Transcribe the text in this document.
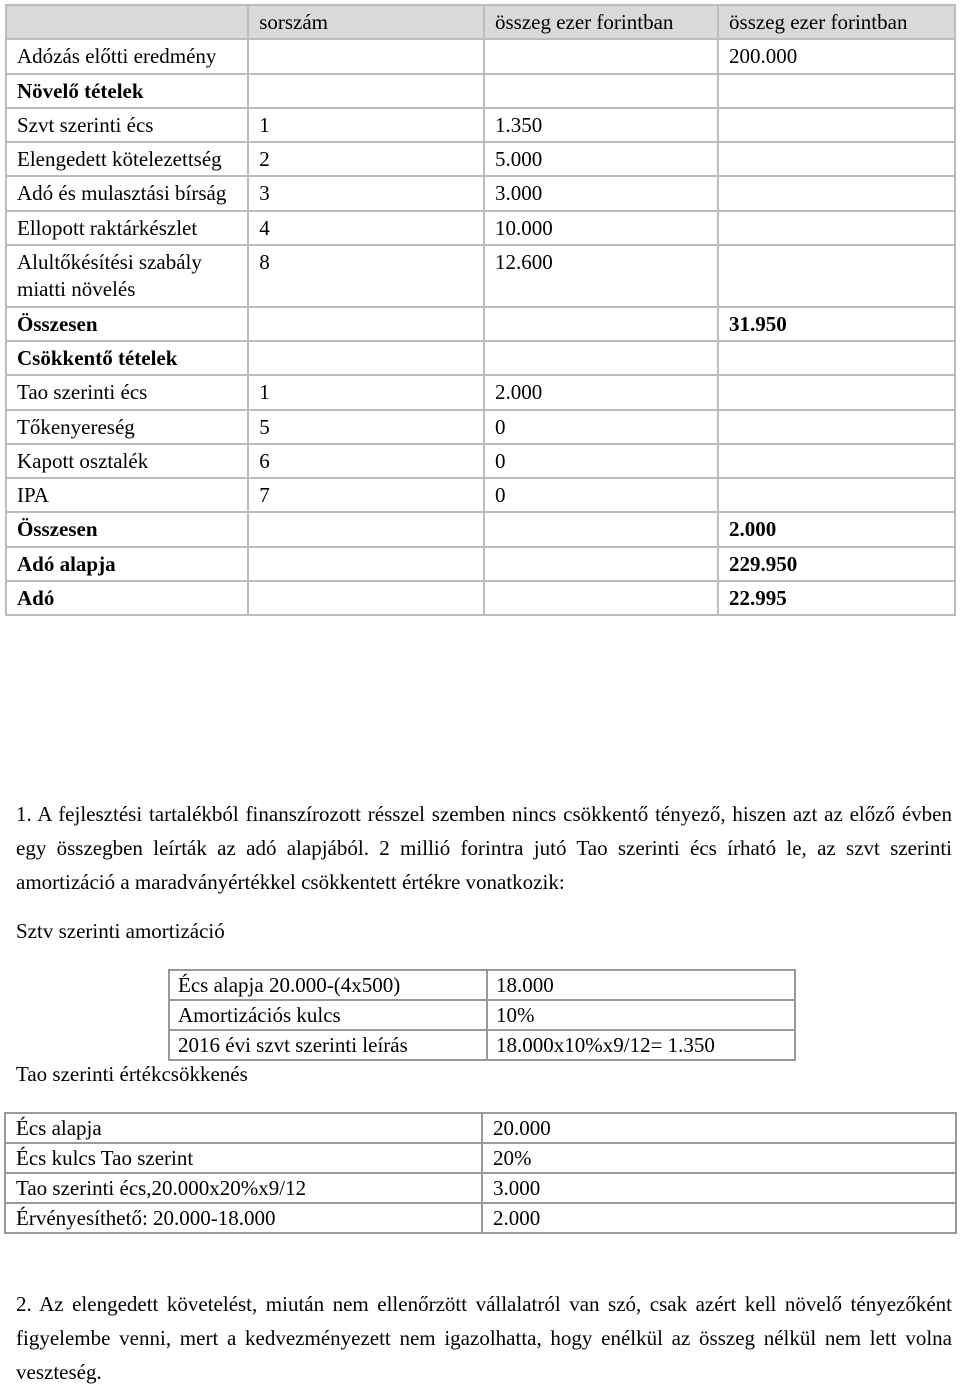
	sorszám	összeg ezer forintban	összeg ezer forintban
Adózás előtti eredmény			200.000
Növelő tételek			
Szvt szerinti écs	1	1.350	
Elengedett kötelezettség	2	5.000	
Adó és mulasztási bírság	3	3.000	
Ellopott raktárkészlet	4	10.000	
Alultőkésítési szabály miatti növelés	8	12.600	
Összesen			31.950
Csökkentő tételek			
Tao szerinti écs	1	2.000	
Tőkenyereség	5	0	
Kapott osztalék	6	0	
IPA	7	0	
Összesen			2.000
Adó alapja			229.950
Adó			22.995
1. A fejlesztési tartalékból finanszírozott résszel szemben nincs csökkentő tényező, hiszen azt az előző évben egy összegben leírták az adó alapjából. 2 millió forintra jutó Tao szerinti écs írható le, az szvt szerinti amortizáció a maradványértékkel csökkentett értékre vonatkozik:
Sztv szerinti amortizáció
Écs alapja 20.000-(4x500)	18.000
Amortizációs kulcs	10%
2016 évi szvt szerinti leírás	18.000x10%x9/12= 1.350
Tao szerinti értékcsökkenés
Écs alapja	20.000
Écs kulcs Tao szerint	20%
Tao szerinti écs,20.000x20%x9/12	3.000
Érvényesíthető: 20.000-18.000	2.000
2. Az elengedett követelést, miután nem ellenőrzött vállalatról van szó, csak azért kell növelő tényezőként figyelembe venni, mert a kedvezményezett nem igazolhatta, hogy enélkül az összeg nélkül nem lett volna veszteség.
